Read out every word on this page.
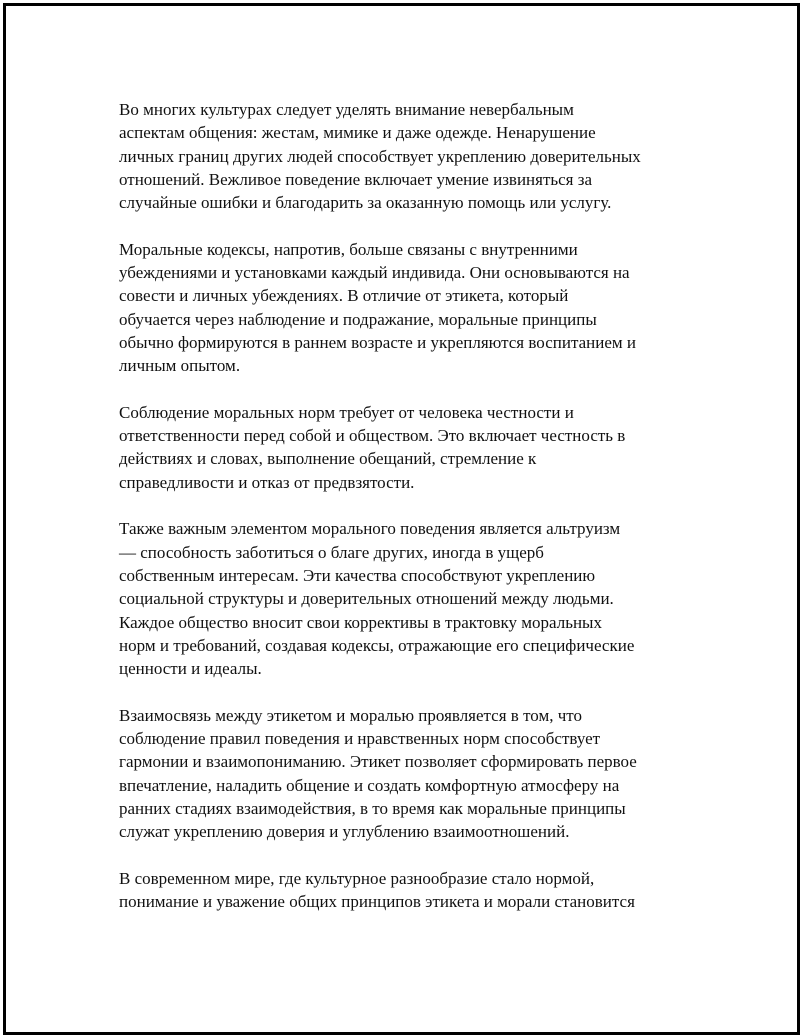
Во многих культурах следует уделять внимание невербальным
аспектам общения: жестам, мимике и даже одежде. Ненарушение
личных границ других людей способствует укреплению доверительных
отношений. Вежливое поведение включает умение извиняться за
случайные ошибки и благодарить за оказанную помощь или услугу.

Моральные кодексы, напротив, больше связаны с внутренними
убеждениями и установками каждый индивида. Они основываются на
совести и личных убеждениях. В отличие от этикета, который
обучается через наблюдение и подражание, моральные принципы
обычно формируются в раннем возрасте и укрепляются воспитанием и
личным опытом.

Соблюдение моральных норм требует от человека честности и
ответственности перед собой и обществом. Это включает честность в
действиях и словах, выполнение обещаний, стремление к
справедливости и отказ от предвзятости.

Также важным элементом морального поведения является альтруизм
— способность заботиться о благе других, иногда в ущерб
собственным интересам. Эти качества способствуют укреплению
социальной структуры и доверительных отношений между людьми.
Каждое общество вносит свои коррективы в трактовку моральных
норм и требований, создавая кодексы, отражающие его специфические
ценности и идеалы.

Взаимосвязь между этикетом и моралью проявляется в том, что
соблюдение правил поведения и нравственных норм способствует
гармонии и взаимопониманию. Этикет позволяет сформировать первое
впечатление, наладить общение и создать комфортную атмосферу на
ранних стадиях взаимодействия, в то время как моральные принципы
служат укреплению доверия и углублению взаимоотношений.

В современном мире, где культурное разнообразие стало нормой,
понимание и уважение общих принципов этикета и морали становится
